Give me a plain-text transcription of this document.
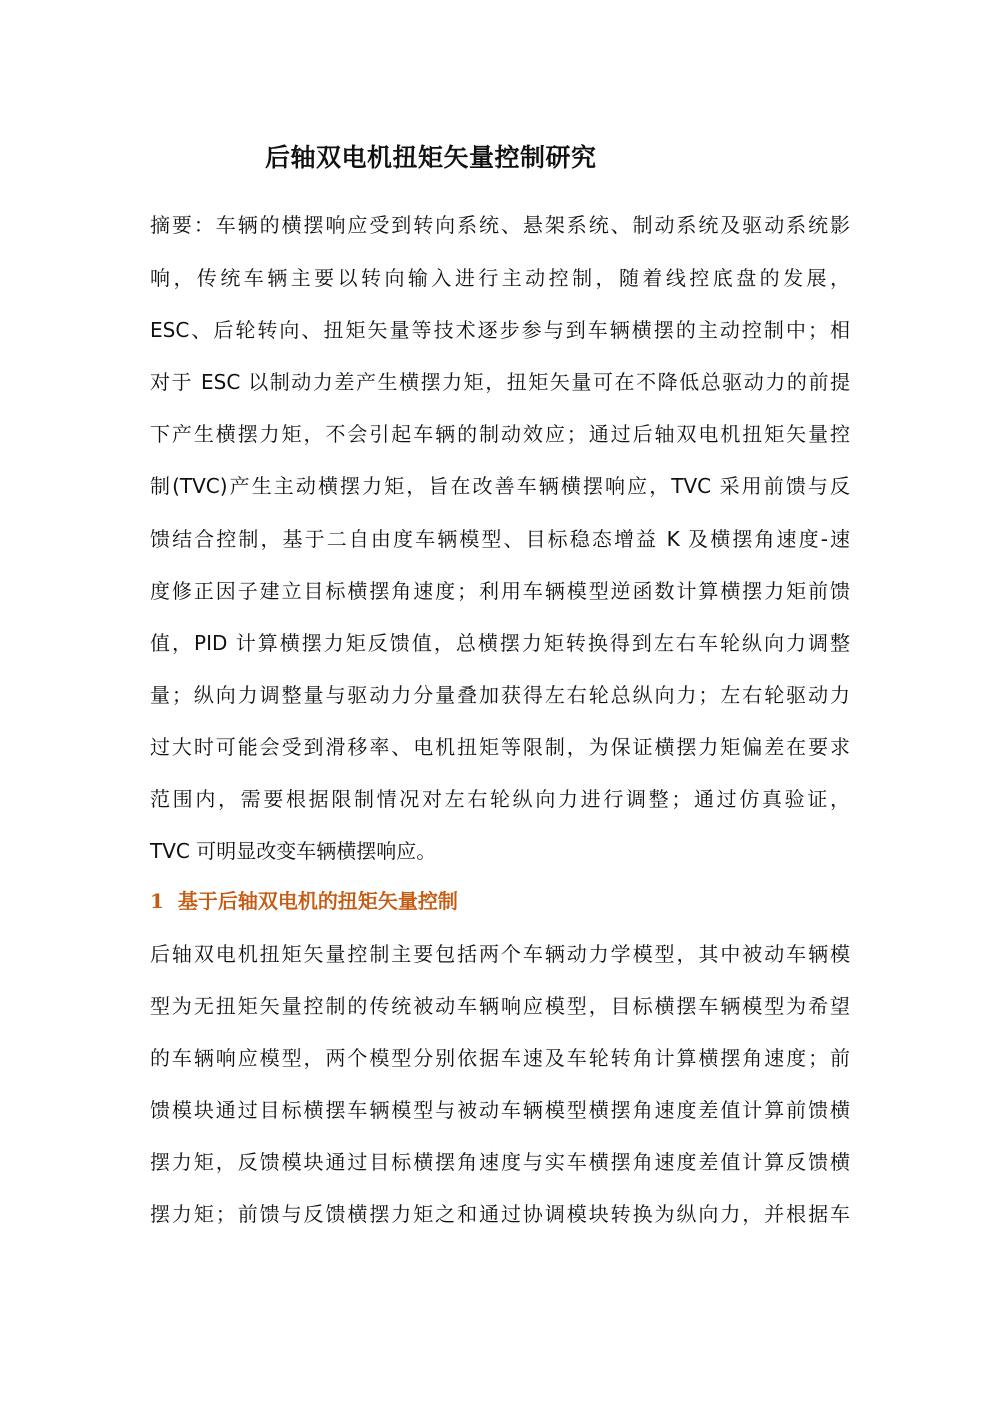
后轴双电机扭矩矢量控制研究
摘要：车辆的横摆响应受到转向系统、悬架系统、制动系统及驱动系统影
响，传统车辆主要以转向输入进行主动控制，随着线控底盘的发展，
ESC、后轮转向、扭矩矢量等技术逐步参与到车辆横摆的主动控制中；相
对于 ESC 以制动力差产生横摆力矩，扭矩矢量可在不降低总驱动力的前提
下产生横摆力矩，不会引起车辆的制动效应；通过后轴双电机扭矩矢量控
制(TVC)产生主动横摆力矩，旨在改善车辆横摆响应，TVC 采用前馈与反
馈结合控制，基于二自由度车辆模型、目标稳态增益 K 及横摆角速度-速
度修正因子建立目标横摆角速度；利用车辆模型逆函数计算横摆力矩前馈
值，PID 计算横摆力矩反馈值，总横摆力矩转换得到左右车轮纵向力调整
量；纵向力调整量与驱动力分量叠加获得左右轮总纵向力；左右轮驱动力
过大时可能会受到滑移率、电机扭矩等限制，为保证横摆力矩偏差在要求
范围内，需要根据限制情况对左右轮纵向力进行调整；通过仿真验证，
TVC 可明显改变车辆横摆响应。
1 基于后轴双电机的扭矩矢量控制
后轴双电机扭矩矢量控制主要包括两个车辆动力学模型，其中被动车辆模
型为无扭矩矢量控制的传统被动车辆响应模型，目标横摆车辆模型为希望
的车辆响应模型，两个模型分别依据车速及车轮转角计算横摆角速度；前
馈模块通过目标横摆车辆模型与被动车辆模型横摆角速度差值计算前馈横
摆力矩，反馈模块通过目标横摆角速度与实车横摆角速度差值计算反馈横
摆力矩；前馈与反馈横摆力矩之和通过协调模块转换为纵向力，并根据车
